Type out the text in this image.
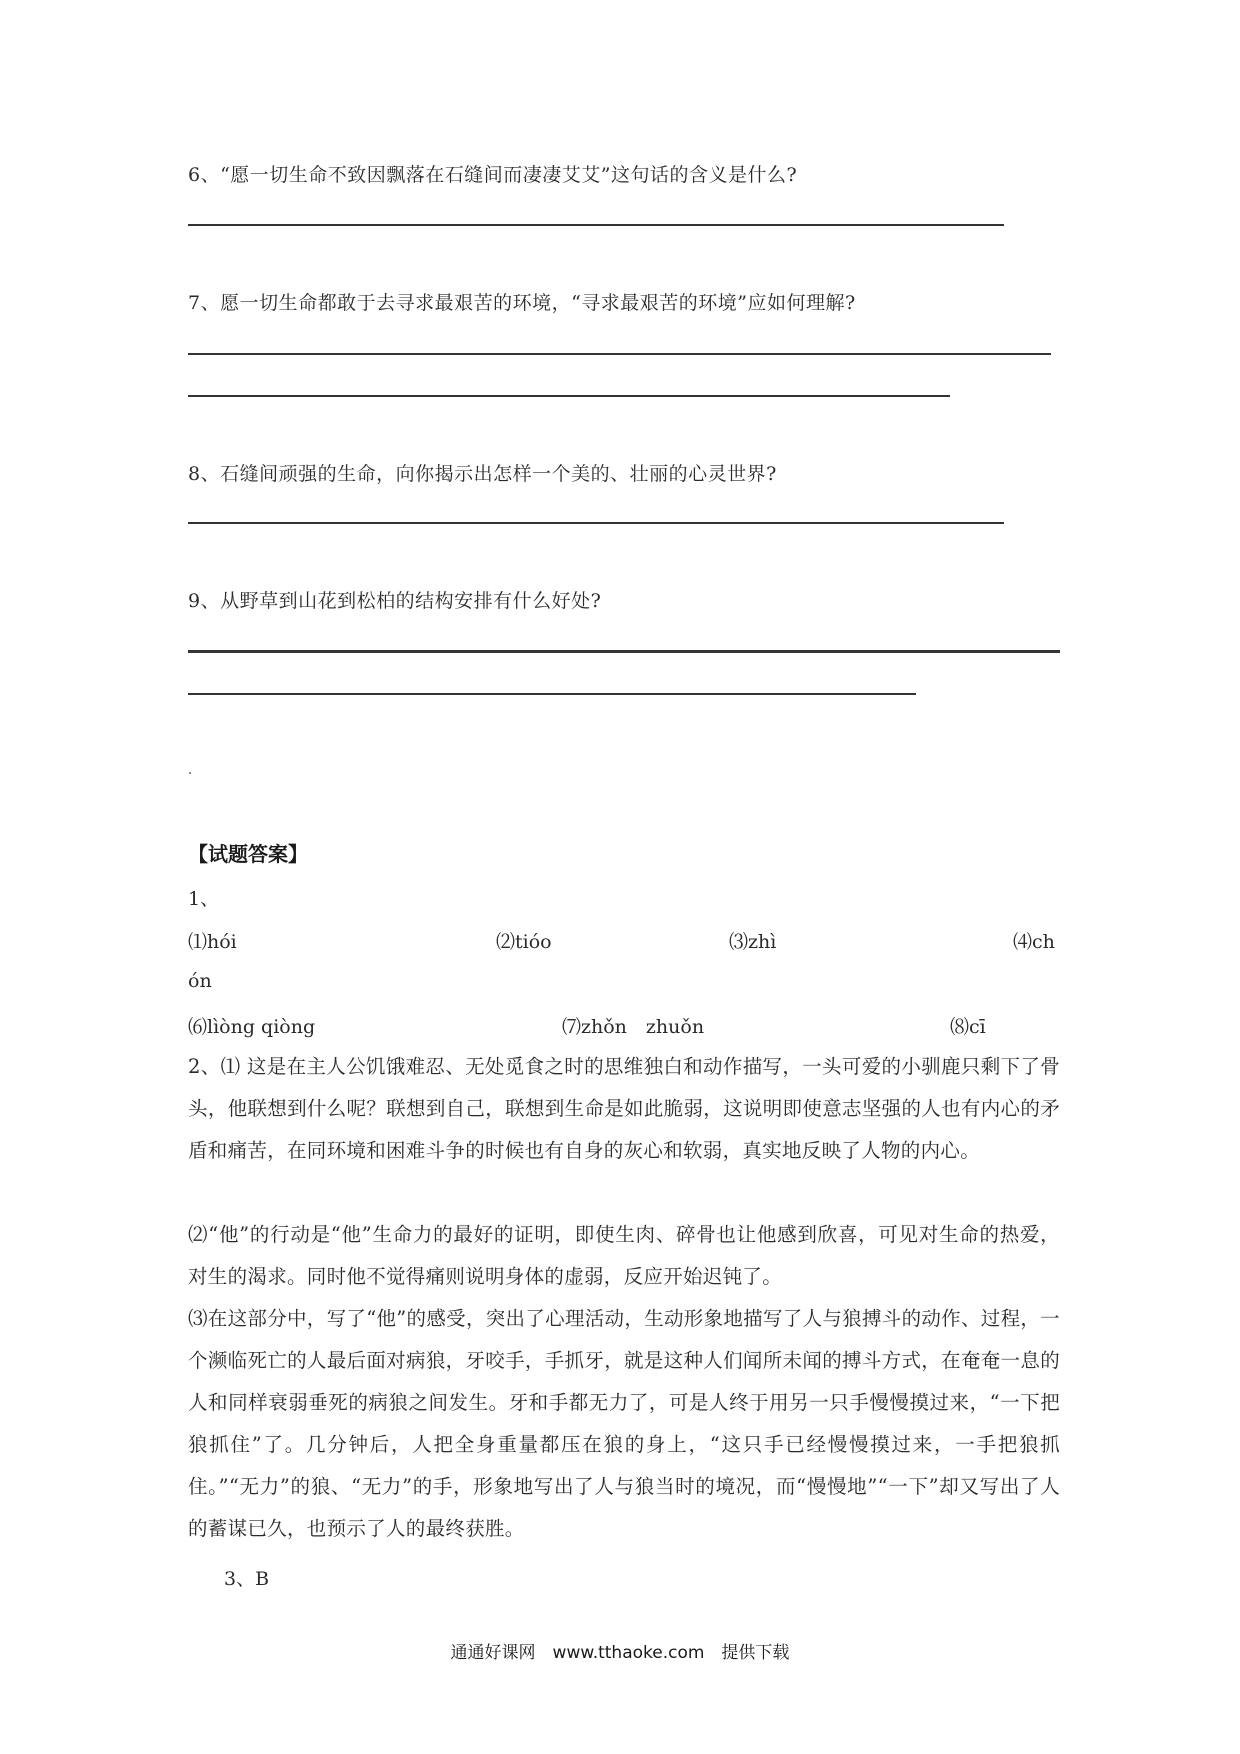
6、“愿一切生命不致因飘落在石缝间而凄凄艾艾”这句话的含义是什么?
7、愿一切生命都敢于去寻求最艰苦的环境，“寻求最艰苦的环境”应如何理解?
8、石缝间顽强的生命，向你揭示出怎样一个美的、壮丽的心灵世界?
9、从野草到山花到松柏的结构安排有什么好处?
【试题答案】
1、
⑴hói	⑵tióo	⑶zhì	⑷ch
ón
⑹lìòng qiòng	⑺zhǒn　zhuǒn	⑻cī

2、⑴ 这是在主人公饥饿难忍、无处觅食之时的思维独白和动作描写，一头可爱的小驯鹿只剩下了骨头，他联想到什么呢？联想到自己，联想到生命是如此脆弱，这说明即使意志坚强的人也有内心的矛盾和痛苦，在同环境和困难斗争的时候也有自身的灰心和软弱，真实地反映了人物的内心。

⑵“他”的行动是“他”生命力的最好的证明，即使生肉、碎骨也让他感到欣喜，可见对生命的热爱，对生的渴求。同时他不觉得痛则说明身体的虚弱，反应开始迟钝了。

⑶在这部分中，写了“他”的感受，突出了心理活动，生动形象地描写了人与狼搏斗的动作、过程，一个濒临死亡的人最后面对病狼，牙咬手，手抓牙，就是这种人们闻所未闻的搏斗方式，在奄奄一息的人和同样衰弱垂死的病狼之间发生。牙和手都无力了，可是人终于用另一只手慢慢摸过来，“一下把狼抓住”了。几分钟后，人把全身重量都压在狼的身上，“这只手已经慢慢摸过来，一手把狼抓住。”“无力”的狼、“无力”的手，形象地写出了人与狼当时的境况，而“慢慢地”“一下”却又写出了人的蓄谋已久，也预示了人的最终获胜。

3、B
通通好课网　www.tthaoke.com　提供下载
